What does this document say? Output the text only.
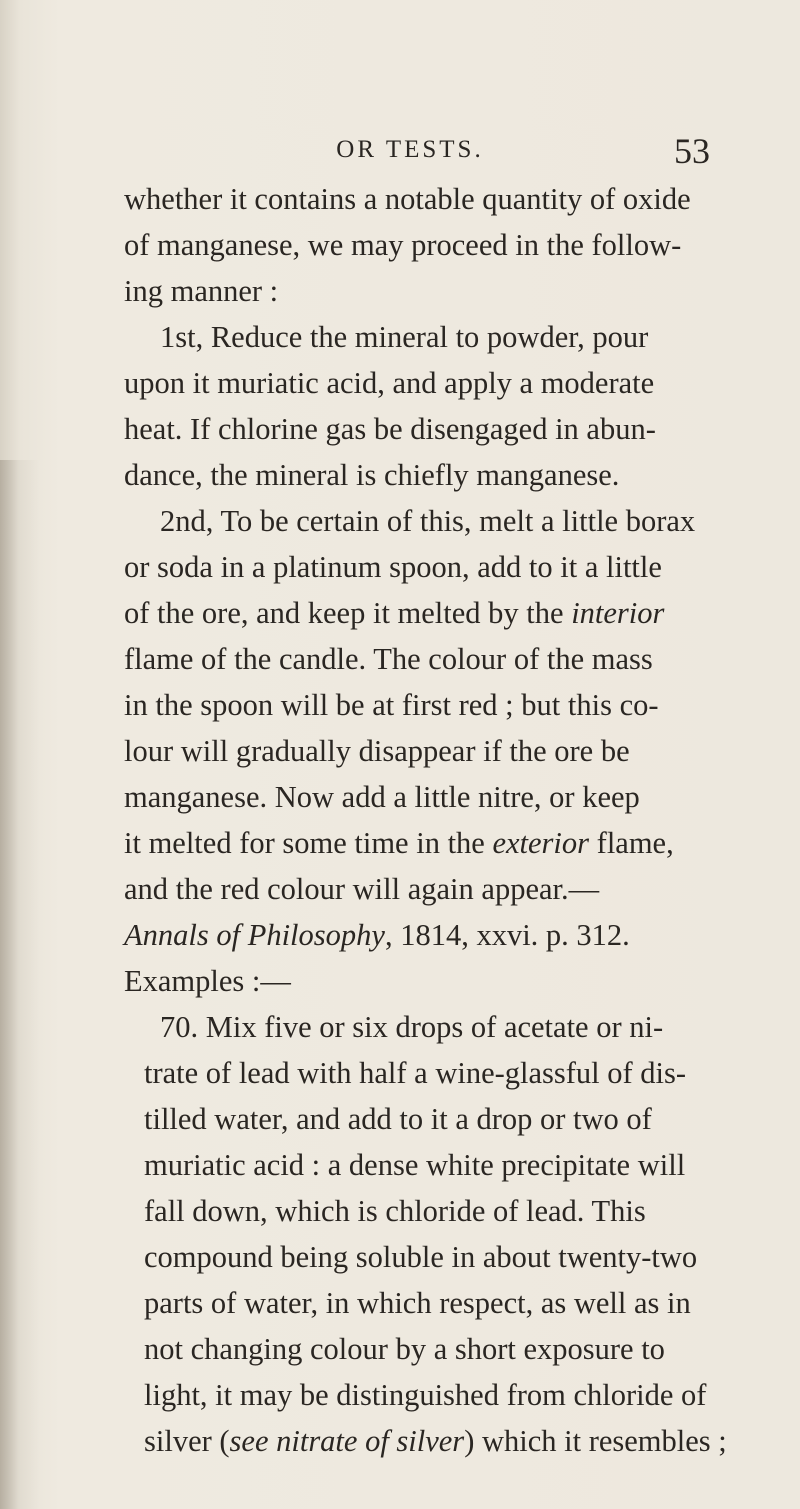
OR TESTS.	53
whether it contains a notable quantity of oxide
of manganese, we may proceed in the follow-
ing manner :
1st, Reduce the mineral to powder, pour
upon it muriatic acid, and apply a moderate
heat. If chlorine gas be disengaged in abun-
dance, the mineral is chiefly manganese.
2nd, To be certain of this, melt a little borax
or soda in a platinum spoon, add to it a little
of the ore, and keep it melted by the interior
flame of the candle. The colour of the mass
in the spoon will be at first red ; but this co-
lour will gradually disappear if the ore be
manganese. Now add a little nitre, or keep
it melted for some time in the exterior flame,
and the red colour will again appear.—
Annals of Philosophy, 1814, xxvi. p. 312.
Examples :—
70. Mix five or six drops of acetate or ni-
trate of lead with half a wine-glassful of dis-
tilled water, and add to it a drop or two of
muriatic acid : a dense white precipitate will
fall down, which is chloride of lead. This
compound being soluble in about twenty-two
parts of water, in which respect, as well as in
not changing colour by a short exposure to
light, it may be distinguished from chloride of
silver (see nitrate of silver) which it resembles ;
